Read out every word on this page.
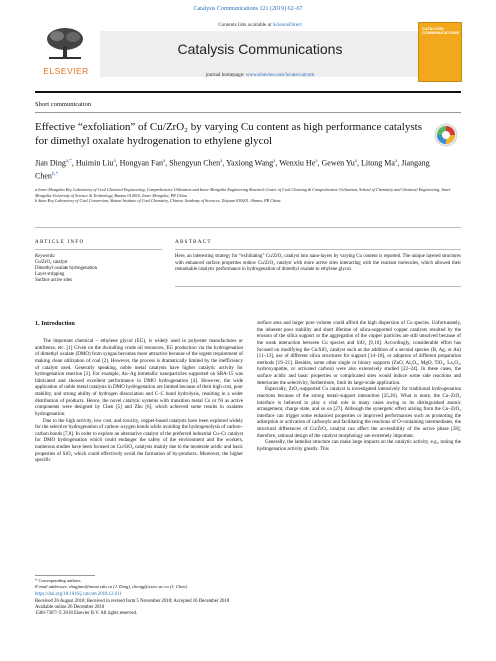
Catalysis Communications 121 (2019) 62–67
ELSEVIER
Contents lists available at ScienceDirect
Catalysis Communications
journal homepage: www.elsevier.com/locate/catcom
CATALYSIS COMMUNICATIONS
Short communication
Effective “exfoliation” of Cu/ZrO₂ by varying Cu content as high performance catalysts for dimethyl oxalate hydrogenation to ethylene glycol
Jian Ding$^{a,*}$, Huimin Liu$^a$, Hongyan Fan$^a$, Shengyun Chen$^a$, Yaxiong Wang$^a$, Wenxiu He$^a$, Gewen Yu$^a$, Litong Ma$^a$, Jiangang Chen$^{b,*}$
a Inner Mongolia Key Laboratory of Coal Chemical Engineering, Comprehensive Utilization and Inner Mongolia Engineering Research Center of Coal Cleaning & Comprehensive Utilization, School of Chemistry and Chemical Engineering, Inner Mongolia University of Science & Technology, Baotou 014010, Inner Mongolia, PR China
b State Key Laboratory of Coal Conversion, Shanxi Institute of Coal Chemistry, Chinese Academy of Sciences, Taiyuan 030001, Shanxi, PR China
ARTICLE INFO	ABSTRACT
Keywords:
Cu/ZrO₂ catalyst
Dimethyl oxalate hydrogenation
Layer stripping
Surface active sites
Here, an interesting strategy for “exfoliating” Cu/ZrO₂ catalyst into nano-layers by varying Cu content is reported. The unique layered structures with enhanced surface properties endow Cu/ZrO₂ catalyst with more active sites interacting with the reactant molecules, which allowed their remarkable catalytic performance in hydrogenation of dimethyl oxalate to ethylene glycol.
1. Introduction

The important chemical – ethylene glycol (EG), is widely used in polyester manufactures or antifreeze, etc. [1] Given on the dwindling crude oil resources, EG production via the hydrogenation of dimethyl oxalate (DMO) from syngas becomes more attractive because of the urgent requirement of making clean utilization of coal [2]. However, the process is dramatically limited by the inefficiency of catalyst used. Generally speaking, noble metal catalysts have higher catalytic activity for hydrogenation reaction [3]. For example, Au–Ag bimetallic nanoparticles supported on SBA-15 was fabricated and showed excellent performance in DMO hydrogenation [4]. However, the wide application of noble metal catalysts in DMO hydrogenation are limited because of their high cost, poor stability, and strong ability of hydrogen dissociation and C–C bond hydrolysis, resulting in a wider distribution of products. Hence, the novel catalytic systems with transition metal Co or Ni as active components were designed by Chen [5] and Zhu [6], which achieved some results in oxalates hydrogenation.

Due to the high activity, low cost, and toxicity, copper-based catalysts have been explored widely for the selective hydrogenation of carbon–oxygen bonds while avoiding the hydrogenolysis of carbon–carbon bonds [7,8]. In order to explore an alternative catalyst of the preferred industrial Cu–Cr catalyst for DMO hydrogenation which could endanger the safety of the environment and the workers, numerous studies have been focused on Cu/SiO₂ catalysts mainly due to the moderate acidic and basic properties of SiO₂ which could effectively avoid the formation of by-products. Moreover, the higher specific

surface area and larger pore volume could afford the high dispersion of Cu species. Unfortunately, the inherent poor stability and short lifetime of silica-supported copper catalysts resulted by the erosion of the silica support or the aggregation of the copper particles are still unsolved because of the weak interaction between Cu species and SiO₂ [9,10]. Accordingly, considerable effort has focused on modifying the Cu/SiO₂ catalyst such as the addition of a second species (B, Ag, or Au) [11–13], use of different silica structures for support [14–18], or adoption of different preparation methods [19–21]. Besides, some other single or binary supports (ZnO, Al₂O₃, MgO, TiO₂, La₂O₃, hydroxyapatite, or activated carbon) were also extensively studied [22–24]. In these cases, the surface acidic and basic properties or complicated sites would induce some side reactions and deteriorate the selectivity, furthermore, limit its large-scale application.

Especially, ZrO₂-supported Cu catalyst is investigated intensively for traditional hydrogenation reactions because of the strong metal–support interaction [25,26]. What is more, the Cu–ZrO₂ interface is believed to play a vital role in many cases owing to its distinguished atomic arrangement, charge state, and so on [27]. Although the synergetic effect arising from the Cu–ZrO₂ interface can trigger some enhanced properties or improved performances such as promoting the adsorption or activation of carbonyls and facilitating the reactions of O-containing intermediates, the structural differences of Cu/ZrO₂ catalyst can affect the accessibility of the active phase [28]; therefore, rational design of the catalyst morphology are extremely important.

Generally, the lamellar structure can make large impacts on the catalytic activity, e.g., tuning the hydrogenation activity greatly. This

* Corresponding authors.
E-mail addresses: dingjian@imust.edu.cn (J. Ding), chenjg@sxicc.ac.cn (J. Chen).
https://doi.org/10.1016/j.catcom.2018.12.011
Received 26 August 2018; Received in revised form 5 November 2018; Accepted 16 December 2018
Available online 26 December 2018
1566-7367/ © 2018 Elsevier B.V. All rights reserved.
